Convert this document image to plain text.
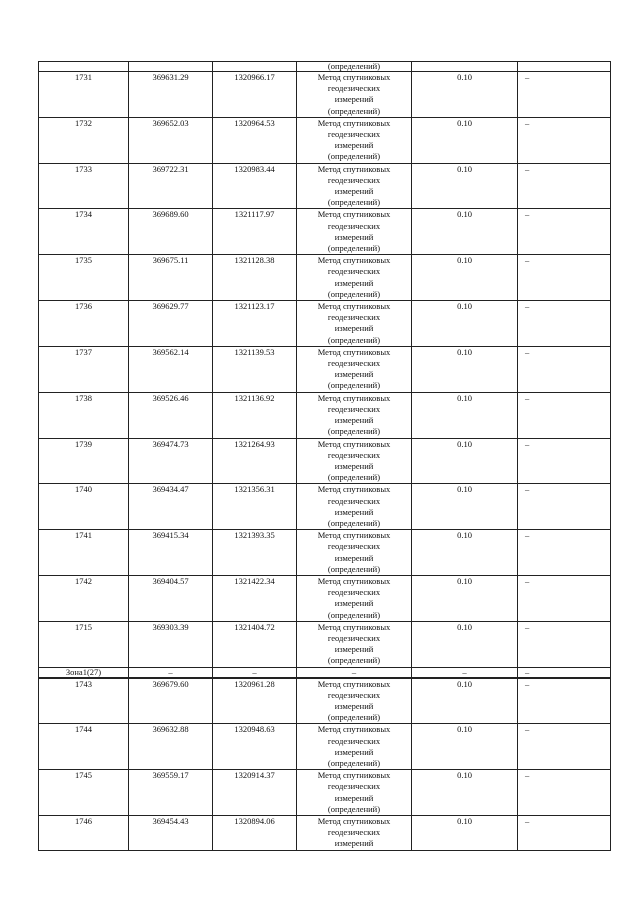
			(определений)		
1731	369631.29	1320966.17	Метод спутниковых
геодезических
измерений
(определений)	0.10	–
1732	369652.03	1320964.53	Метод спутниковых
геодезических
измерений
(определений)	0.10	–
1733	369722.31	1320983.44	Метод спутниковых
геодезических
измерений
(определений)	0.10	–
1734	369689.60	1321117.97	Метод спутниковых
геодезических
измерений
(определений)	0.10	–
1735	369675.11	1321128.38	Метод спутниковых
геодезических
измерений
(определений)	0.10	–
1736	369629.77	1321123.17	Метод спутниковых
геодезических
измерений
(определений)	0.10	–
1737	369562.14	1321139.53	Метод спутниковых
геодезических
измерений
(определений)	0.10	–
1738	369526.46	1321136.92	Метод спутниковых
геодезических
измерений
(определений)	0.10	–
1739	369474.73	1321264.93	Метод спутниковых
геодезических
измерений
(определений)	0.10	–
1740	369434.47	1321356.31	Метод спутниковых
геодезических
измерений
(определений)	0.10	–
1741	369415.34	1321393.35	Метод спутниковых
геодезических
измерений
(определений)	0.10	–
1742	369404.57	1321422.34	Метод спутниковых
геодезических
измерений
(определений)	0.10	–
1715	369303.39	1321404.72	Метод спутниковых
геодезических
измерений
(определений)	0.10	–
Зона1(27)	–	–	–	–	–
1743	369679.60	1320961.28	Метод спутниковых
геодезических
измерений
(определений)	0.10	–
1744	369632.88	1320948.63	Метод спутниковых
геодезических
измерений
(определений)	0.10	–
1745	369559.17	1320914.37	Метод спутниковых
геодезических
измерений
(определений)	0.10	–
1746	369454.43	1320894.06	Метод спутниковых
геодезических
измерений	0.10	–
